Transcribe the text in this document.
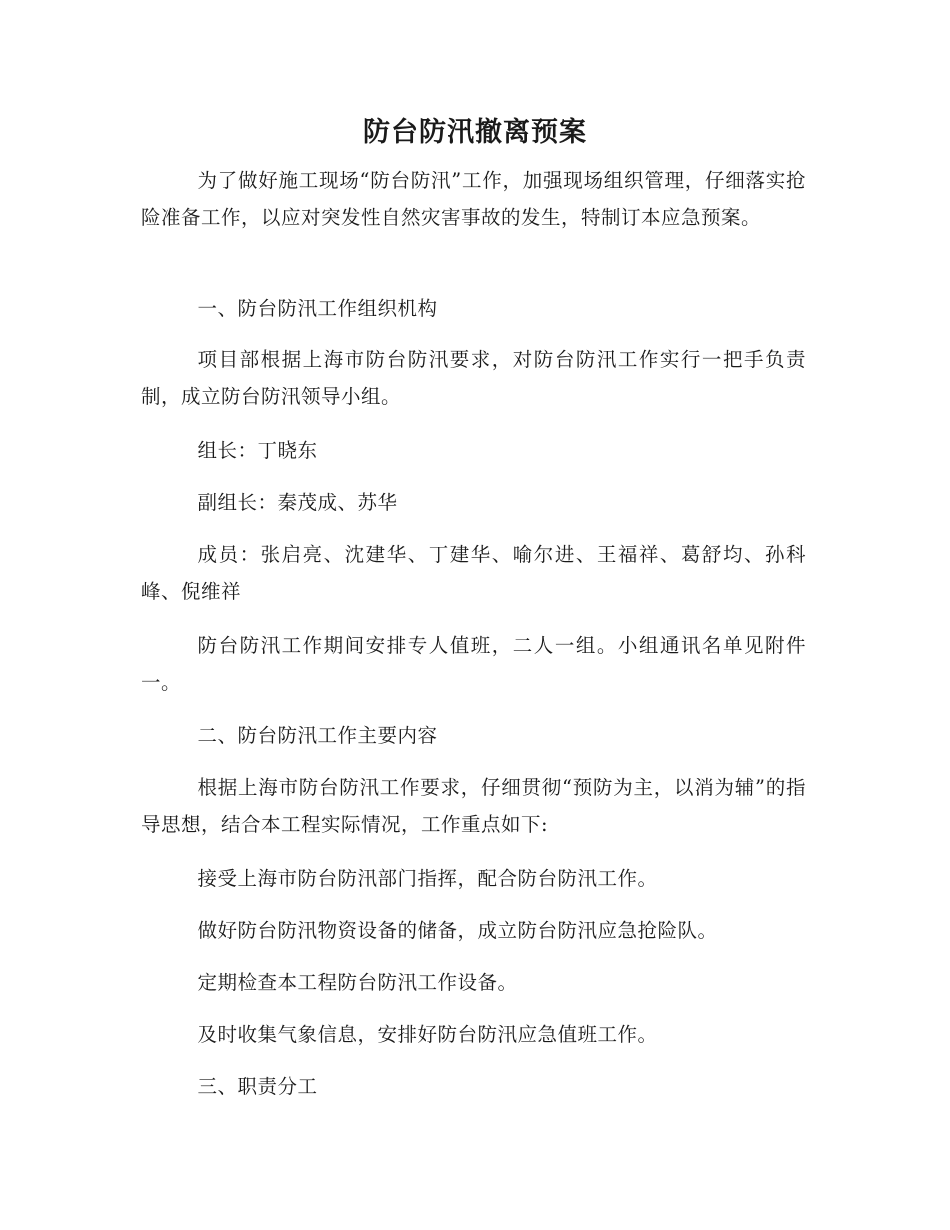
防台防汛撤离预案

为了做好施工现场“防台防汛”工作，加强现场组织管理，仔细落实抢险准备工作，以应对突发性自然灾害事故的发生，特制订本应急预案。

一、防台防汛工作组织机构

项目部根据上海市防台防汛要求，对防台防汛工作实行一把手负责制，成立防台防汛领导小组。

组长：丁晓东

副组长：秦茂成、苏华

成员：张启亮、沈建华、丁建华、喻尔进、王福祥、葛舒均、孙科峰、倪维祥

防台防汛工作期间安排专人值班，二人一组。小组通讯名单见附件一。

二、防台防汛工作主要内容

根据上海市防台防汛工作要求，仔细贯彻“预防为主，以消为辅”的指导思想，结合本工程实际情况，工作重点如下:

接受上海市防台防汛部门指挥，配合防台防汛工作。

做好防台防汛物资设备的储备，成立防台防汛应急抢险队。

定期检查本工程防台防汛工作设备。

及时收集气象信息，安排好防台防汛应急值班工作。

三、职责分工
